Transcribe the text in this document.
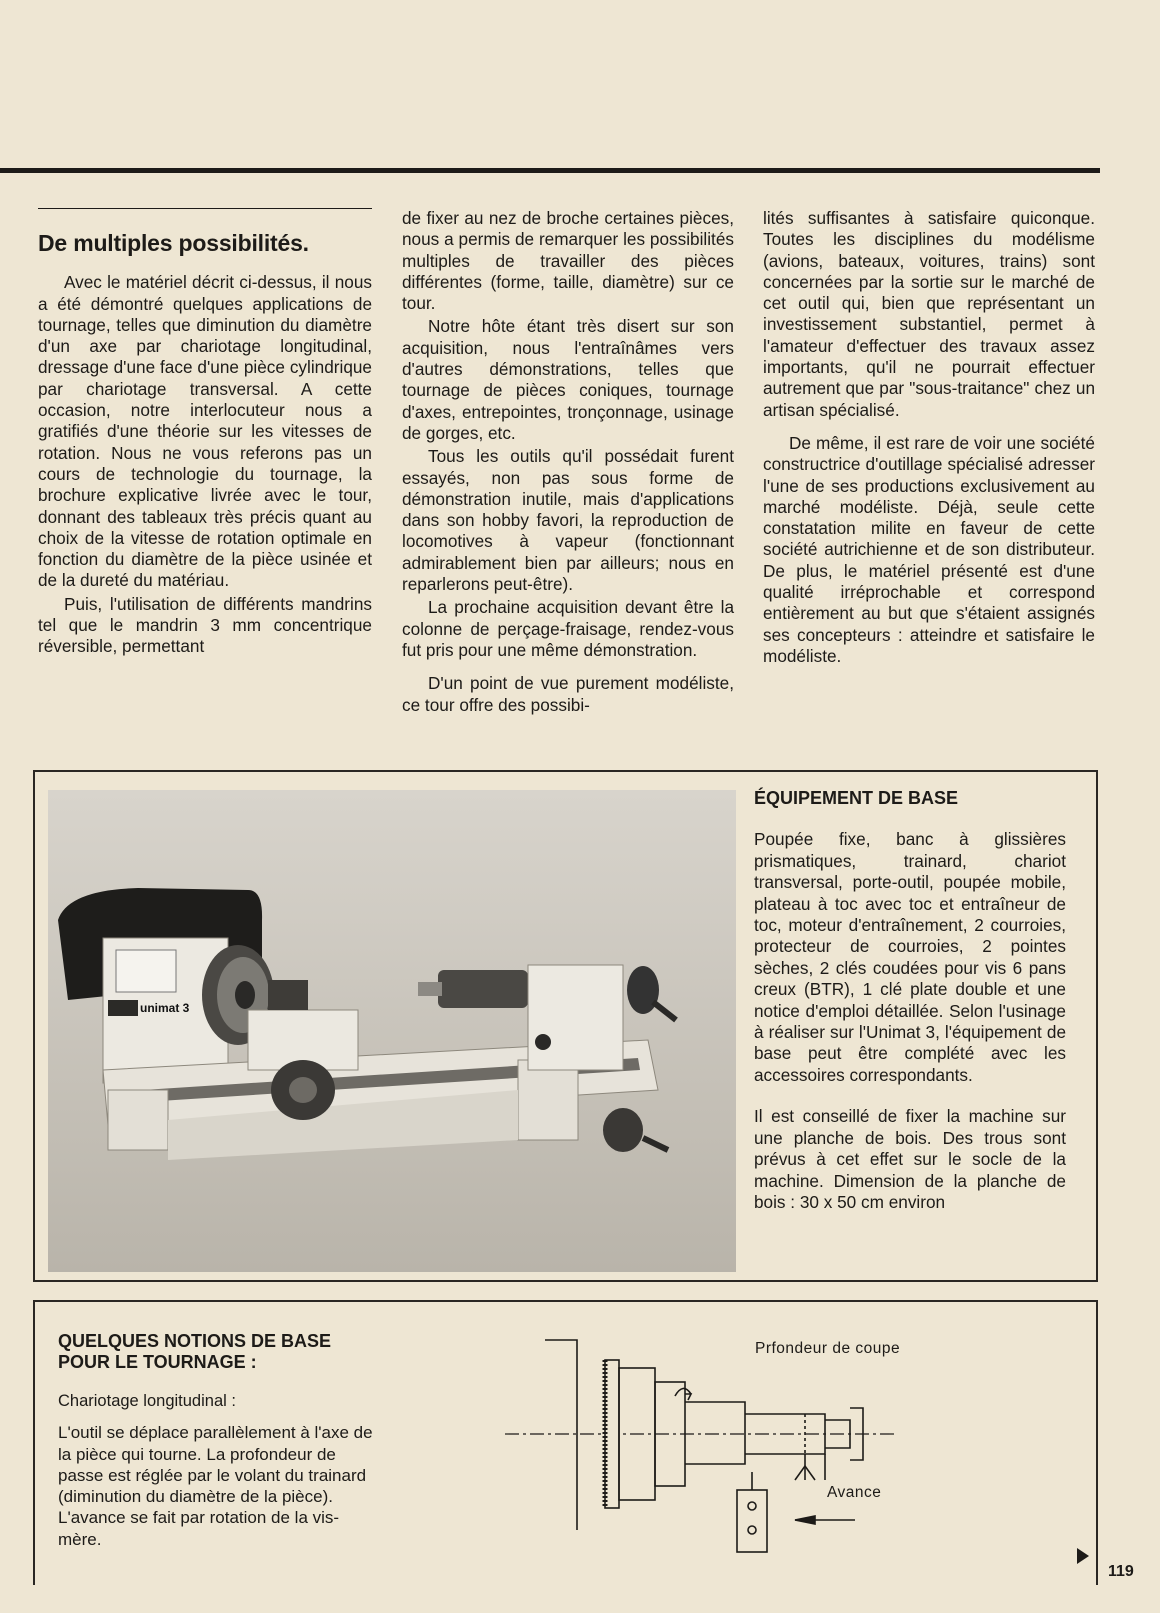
De multiples possibilités.

Avec le matériel décrit ci-dessus, il nous a été démontré quelques applications de tournage, telles que diminution du diamètre d'un axe par chariotage longitudinal, dressage d'une face d'une pièce cylindrique par chariotage transversal. A cette occasion, notre interlocuteur nous a gratifiés d'une théorie sur les vitesses de rotation. Nous ne vous referons pas un cours de technologie du tournage, la brochure explicative livrée avec le tour, donnant des tableaux très précis quant au choix de la vitesse de rotation optimale en fonction du diamètre de la pièce usinée et de la dureté du matériau.

Puis, l'utilisation de différents mandrins tel que le mandrin 3 mm concentrique réversible, permettant

de fixer au nez de broche certaines pièces, nous a permis de remarquer les possibilités multiples de travailler des pièces différentes (forme, taille, diamètre) sur ce tour.

Notre hôte étant très disert sur son acquisition, nous l'entraînâmes vers d'autres démonstrations, telles que tournage de pièces coniques, tournage d'axes, entrepointes, tronçonnage, usinage de gorges, etc.

Tous les outils qu'il possédait furent essayés, non pas sous forme de démonstration inutile, mais d'applications dans son hobby favori, la reproduction de locomotives à vapeur (fonctionnant admirablement bien par ailleurs; nous en reparlerons peut-être).

La prochaine acquisition devant être la colonne de perçage-fraisage, rendez-vous fut pris pour une même démonstration.

D'un point de vue purement modéliste, ce tour offre des possibi-

lités suffisantes à satisfaire quiconque. Toutes les disciplines du modélisme (avions, bateaux, voitures, trains) sont concernées par la sortie sur le marché de cet outil qui, bien que représentant un investissement substantiel, permet à l'amateur d'effectuer des travaux assez importants, qu'il ne pourrait effectuer autrement que par "sous-traitance" chez un artisan spécialisé.

De même, il est rare de voir une société constructrice d'outillage spécialisé adresser l'une de ses productions exclusivement au marché modéliste. Déjà, seule cette constatation milite en faveur de cette société autrichienne et de son distributeur. De plus, le matériel présenté est d'une qualité irréprochable et correspond entièrement au but que s'étaient assignés ses concepteurs : atteindre et satisfaire le modéliste.

unimat 3
ÉQUIPEMENT DE BASE

Poupée fixe, banc à glissières prismatiques, trainard, chariot transversal, porte-outil, poupée mobile, plateau à toc avec toc et entraîneur de toc, moteur d'entraînement, 2 courroies, protecteur de courroies, 2 pointes sèches, 2 clés coudées pour vis 6 pans creux (BTR), 1 clé plate double et une notice d'emploi détaillée. Selon l'usinage à réaliser sur l'Unimat 3, l'équipement de base peut être complété avec les accessoires correspondants.

Il est conseillé de fixer la machine sur une planche de bois. Des trous sont prévus à cet effet sur le socle de la machine. Dimension de la planche de bois : 30 x 50 cm environ

QUELQUES NOTIONS DE BASE POUR LE TOURNAGE :
Chariotage longitudinal :

L'outil se déplace parallèlement à l'axe de la pièce qui tourne. La profondeur de passe est réglée par le volant du trainard (diminution du diamètre de la pièce). L'avance se fait par rotation de la vis-mère.

Prfondeur de coupe
Avance
119
